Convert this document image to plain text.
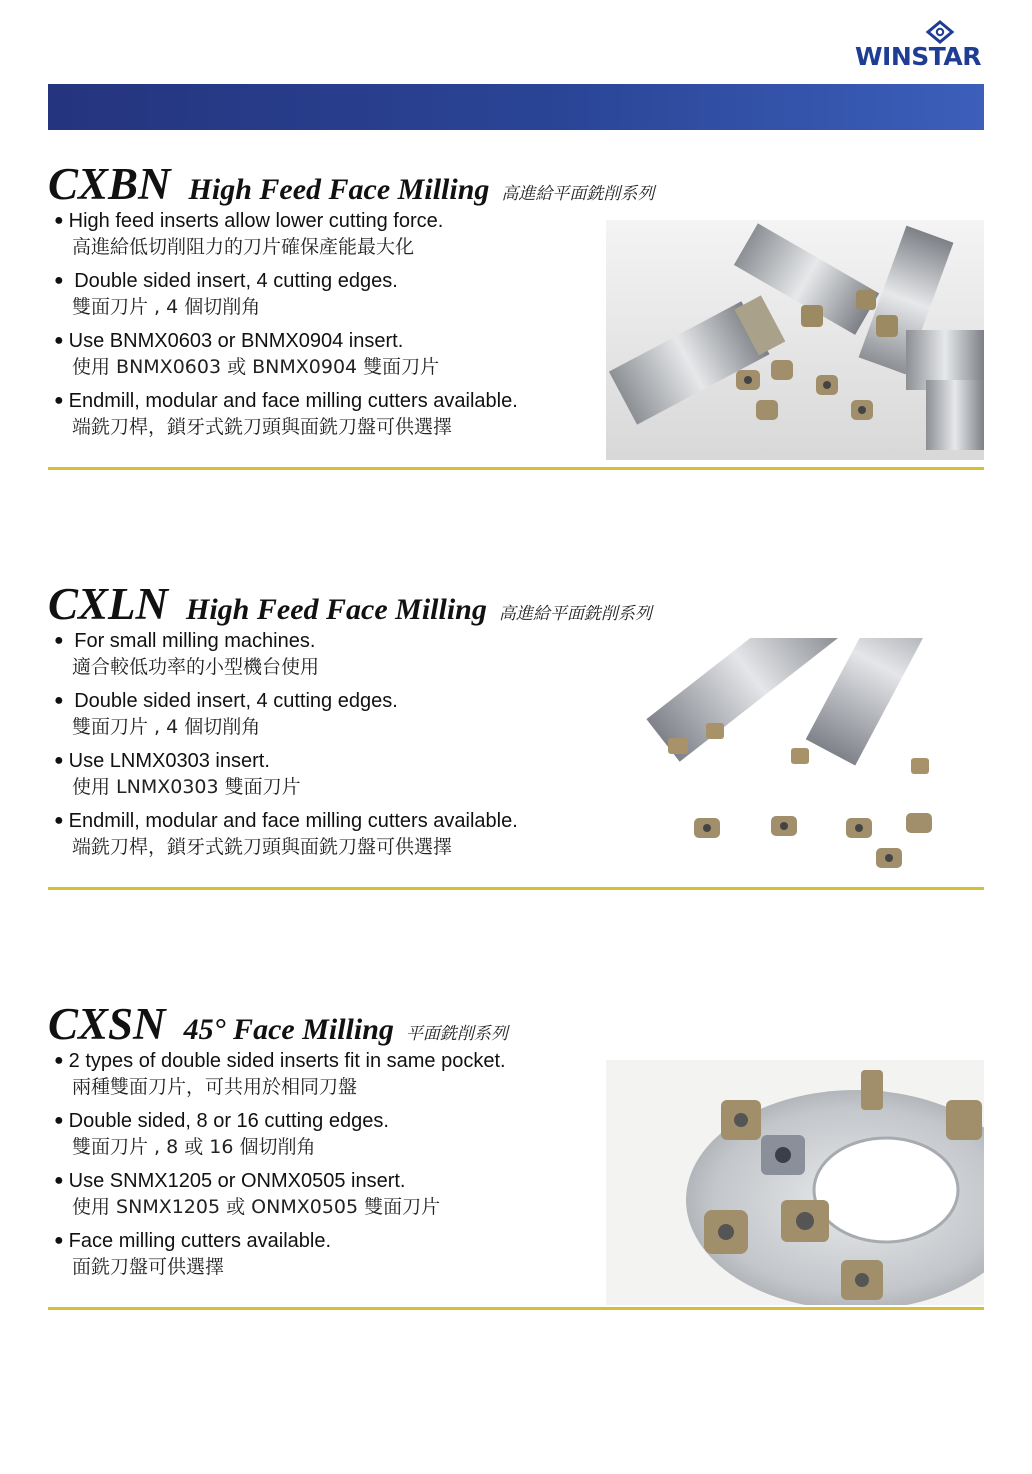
WINSTAR
CXBN High Feed Face Milling 高進給平面銑削系列
● High feed inserts allow lower cutting force.
高進給低切削阻力的刀片確保產能最大化
● Double sided insert, 4 cutting edges.
雙面刀片 , 4 個切削角
● Use BNMX0603 or BNMX0904 insert.
使用 BNMX0603 或 BNMX0904 雙面刀片
● Endmill, modular and face milling cutters available.
端銑刀桿，鎖牙式銑刀頭與面銑刀盤可供選擇
CXLN High Feed Face Milling 高進給平面銑削系列
● For small milling machines.
適合較低功率的小型機台使用
● Double sided insert, 4 cutting edges.
雙面刀片 , 4 個切削角
● Use LNMX0303 insert.
使用 LNMX0303 雙面刀片
● Endmill, modular and face milling cutters available.
端銑刀桿，鎖牙式銑刀頭與面銑刀盤可供選擇
CXSN 45° Face Milling 平面銑削系列
● 2 types of double sided inserts fit in same pocket.
兩種雙面刀片，可共用於相同刀盤
● Double sided, 8 or 16 cutting edges.
雙面刀片 , 8 或 16 個切削角
● Use SNMX1205 or ONMX0505 insert.
使用 SNMX1205 或 ONMX0505 雙面刀片
● Face milling cutters available.
面銑刀盤可供選擇
